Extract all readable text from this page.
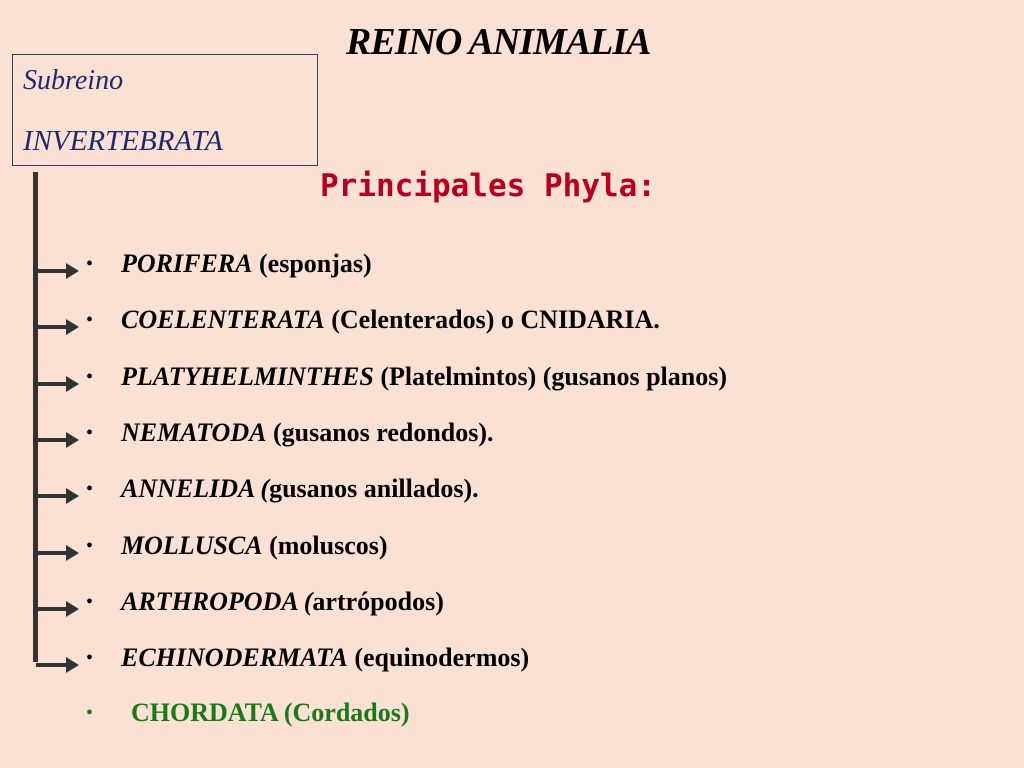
REINO ANIMALIA
Subreino
INVERTEBRATA
Principales Phyla:
• PORIFERA (esponjas)
• COELENTERATA (Celenterados) o CNIDARIA.
• PLATYHELMINTHES (Platelmintos) (gusanos planos)
• NEMATODA (gusanos redondos).
• ANNELIDA (gusanos anillados).
• MOLLUSCA (moluscos)
• ARTHROPODA (artrópodos)
• ECHINODERMATA (equinodermos)
• CHORDATA (Cordados)
